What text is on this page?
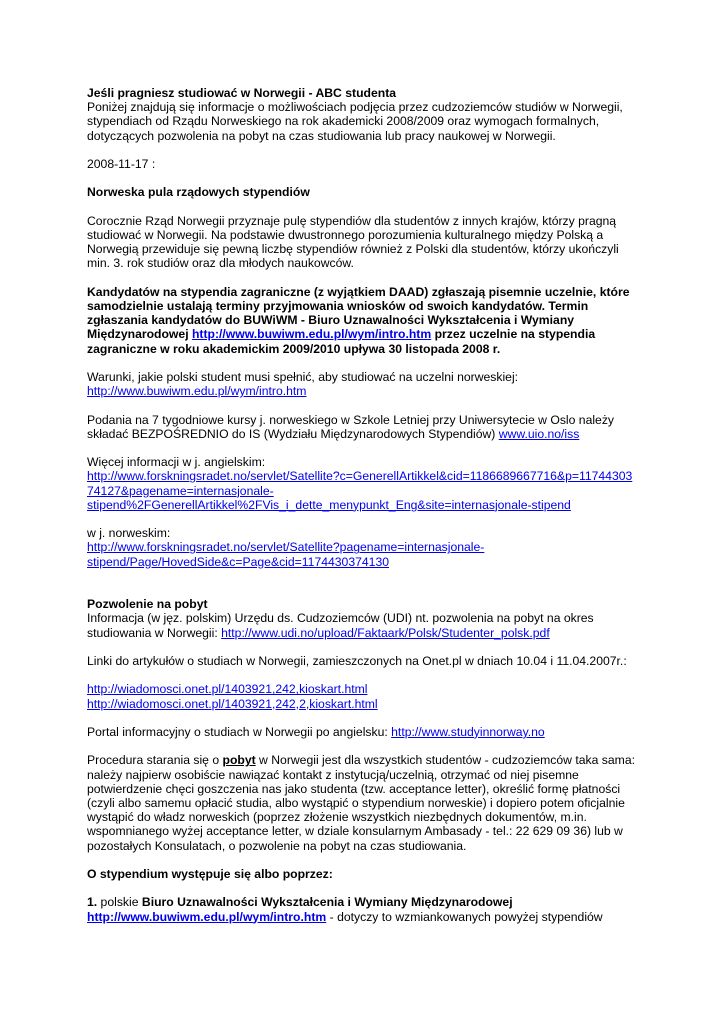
Jeśli pragniesz studiować w Norwegii - ABC studenta
Poniżej znajdują się informacje o możliwościach podjęcia przez cudzoziemców studiów w Norwegii,
stypendiach od Rządu Norweskiego na rok akademicki 2008/2009 oraz wymogach formalnych,
dotyczących pozwolenia na pobyt na czas studiowania lub pracy naukowej w Norwegii.

2008-11-17 :

Norweska pula rządowych stypendiów

Corocznie Rząd Norwegii przyznaje pulę stypendiów dla studentów z innych krajów, którzy pragną
studiować w Norwegii. Na podstawie dwustronnego porozumienia kulturalnego między Polską a
Norwegią przewiduje się pewną liczbę stypendiów również z Polski dla studentów, którzy ukończyli
min. 3. rok studiów oraz dla młodych naukowców.

Kandydatów na stypendia zagraniczne (z wyjątkiem DAAD) zgłaszają pisemnie uczelnie, które
samodzielnie ustalają terminy przyjmowania wniosków od swoich kandydatów. Termin
zgłaszania kandydatów do BUWiWM - Biuro Uznawalności Wykształcenia i Wymiany
Międzynarodowej http://www.buwiwm.edu.pl/wym/intro.htm przez uczelnie na stypendia
zagraniczne w roku akademickim 2009/2010 upływa 30 listopada 2008 r.

Warunki, jakie polski student musi spełnić, aby studiować na uczelni norweskiej:
http://www.buwiwm.edu.pl/wym/intro.htm

Podania na 7 tygodniowe kursy j. norweskiego w Szkole Letniej przy Uniwersytecie w Oslo należy
składać BEZPOŚREDNIO do IS (Wydziału Międzynarodowych Stypendiów) www.uio.no/iss

Więcej informacji w j. angielskim:
http://www.forskningsradet.no/servlet/Satellite?c=GenerellArtikkel&cid=1186689667716&p=11744303
74127&pagename=internasjonale-
stipend%2FGenerellArtikkel%2FVis_i_dette_menypunkt_Eng&site=internasjonale-stipend

w j. norweskim:
http://www.forskningsradet.no/servlet/Satellite?pagename=internasjonale-
stipend/Page/HovedSide&c=Page&cid=1174430374130

Pozwolenie na pobyt
Informacja (w jęz. polskim) Urzędu ds. Cudzoziemców (UDI) nt. pozwolenia na pobyt na okres
studiowania w Norwegii: http://www.udi.no/upload/Faktaark/Polsk/Studenter_polsk.pdf

Linki do artykułów o studiach w Norwegii, zamieszczonych na Onet.pl w dniach 10.04 i 11.04.2007r.:

http://wiadomosci.onet.pl/1403921,242,kioskart.html
http://wiadomosci.onet.pl/1403921,242,2,kioskart.html

Portal informacyjny o studiach w Norwegii po angielsku: http://www.studyinnorway.no

Procedura starania się o pobyt w Norwegii jest dla wszystkich studentów - cudzoziemców taka sama:
należy najpierw osobiście nawiązać kontakt z instytucją/uczelnią, otrzymać od niej pisemne
potwierdzenie chęci goszczenia nas jako studenta (tzw. acceptance letter), określić formę płatności
(czyli albo samemu opłacić studia, albo wystąpić o stypendium norweskie) i dopiero potem oficjalnie
wystąpić do władz norweskich (poprzez złożenie wszystkich niezbędnych dokumentów, m.in.
wspomnianego wyżej acceptance letter, w dziale konsularnym Ambasady - tel.: 22 629 09 36) lub w
pozostałych Konsulatach, o pozwolenie na pobyt na czas studiowania.

O stypendium występuje się albo poprzez:

1. polskie Biuro Uznawalności Wykształcenia i Wymiany Międzynarodowej
http://www.buwiwm.edu.pl/wym/intro.htm - dotyczy to wzmiankowanych powyżej stypendiów
